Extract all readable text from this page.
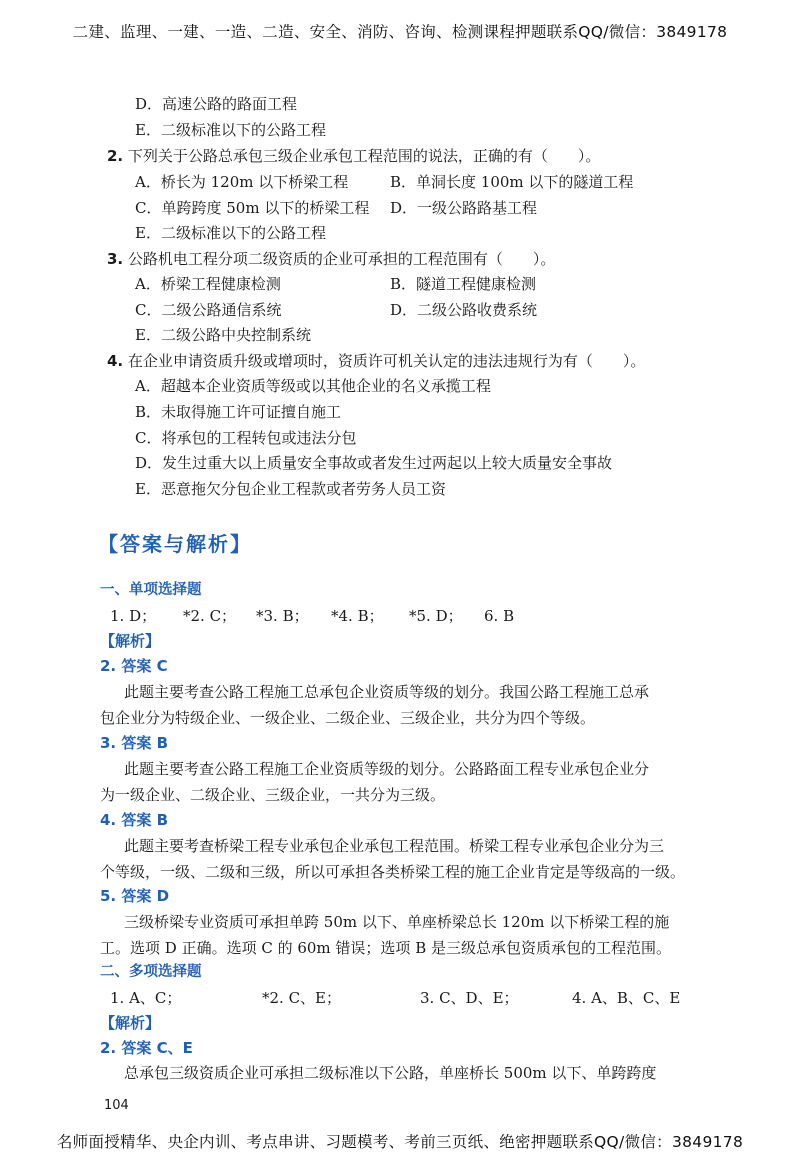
二建、监理、一建、一造、二造、安全、消防、咨询、检测课程押题联系QQ/微信：3849178
D．高速公路的路面工程
E．二级标准以下的公路工程
2. 下列关于公路总承包三级企业承包工程范围的说法，正确的有（　　）。
A．桥长为 120m 以下桥梁工程	B．单洞长度 100m 以下的隧道工程
C．单跨跨度 50m 以下的桥梁工程 D．一级公路路基工程
E．二级标准以下的公路工程
3. 公路机电工程分项二级资质的企业可承担的工程范围有（　　）。
A．桥梁工程健康检测	B．隧道工程健康检测
C．二级公路通信系统	D．二级公路收费系统
E．二级公路中央控制系统
4. 在企业申请资质升级或增项时，资质许可机关认定的违法违规行为有（　　）。
A．超越本企业资质等级或以其他企业的名义承揽工程
B．未取得施工许可证擅自施工
C．将承包的工程转包或违法分包
D．发生过重大以上质量安全事故或者发生过两起以上较大质量安全事故
E．恶意拖欠分包企业工程款或者劳务人员工资
【答案与解析】
一、单项选择题
1. D； *2. C； *3. B； *4. B； *5. D； 6. B
【解析】
2. 答案 C
此题主要考查公路工程施工总承包企业资质等级的划分。我国公路工程施工总承
包企业分为特级企业、一级企业、二级企业、三级企业，共分为四个等级。
3. 答案 B
此题主要考查公路工程施工企业资质等级的划分。公路路面工程专业承包企业分
为一级企业、二级企业、三级企业，一共分为三级。
4. 答案 B
此题主要考查桥梁工程专业承包企业承包工程范围。桥梁工程专业承包企业分为三
个等级，一级、二级和三级，所以可承担各类桥梁工程的施工企业肯定是等级高的一级。
5. 答案 D
三级桥梁专业资质可承担单跨 50m 以下、单座桥梁总长 120m 以下桥梁工程的施
工。选项 D 正确。选项 C 的 60m 错误；选项 B 是三级总承包资质承包的工程范围。
二、多项选择题
1. A、C；	*2. C、E；	3. C、D、E；	4. A、B、C、E
【解析】
2. 答案 C、E
总承包三级资质企业可承担二级标准以下公路，单座桥长 500m 以下、单跨跨度
104
名师面授精华、央企内训、考点串讲、习题模考、考前三页纸、绝密押题联系QQ/微信：3849178
